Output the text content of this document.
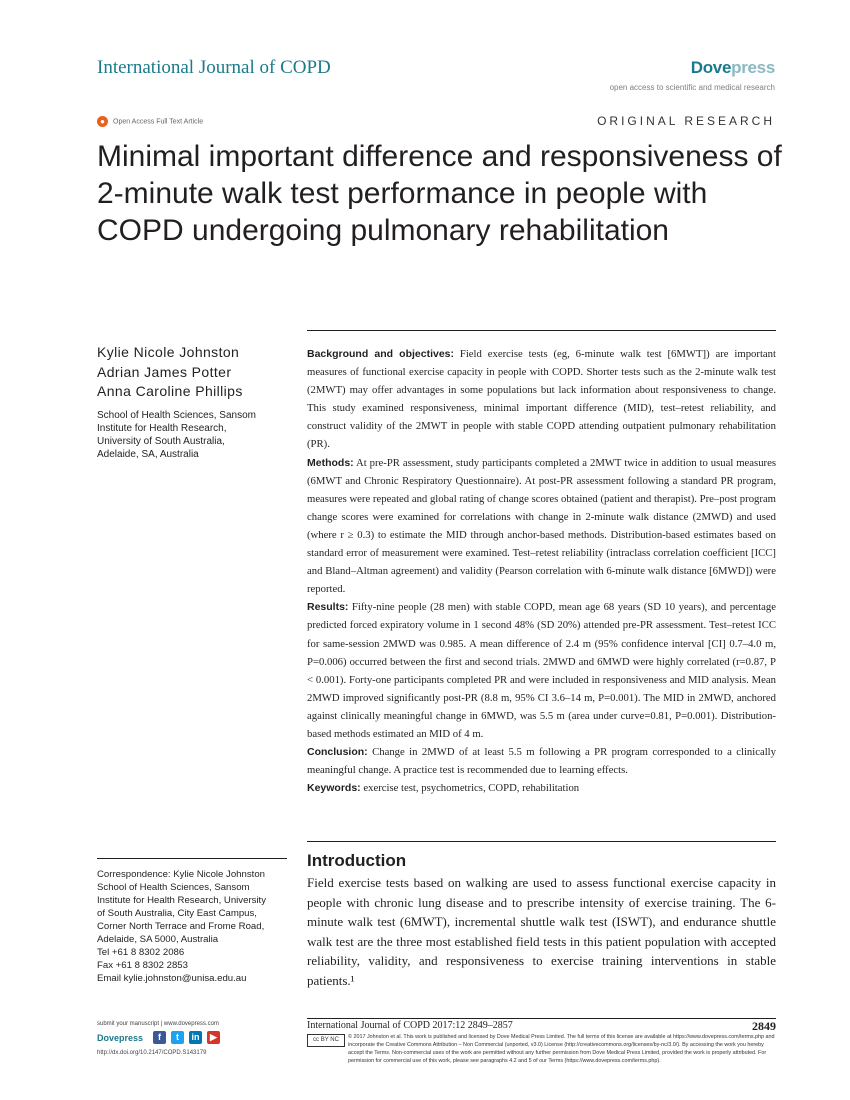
International Journal of COPD	Dovepress
open access to scientific and medical research
● Open Access Full Text Article	ORIGINAL RESEARCH
Minimal important difference and responsiveness of 2-minute walk test performance in people with COPD undergoing pulmonary rehabilitation
Kylie Nicole Johnston
Adrian James Potter
Anna Caroline Phillips
School of Health Sciences, Sansom
Institute for Health Research,
University of South Australia,
Adelaide, SA, Australia

Background and objectives: Field exercise tests (eg, 6-minute walk test [6MWT]) are important measures of functional exercise capacity in people with COPD. Shorter tests such as the 2-minute walk test (2MWT) may offer advantages in some populations but lack information about responsiveness to change. This study examined responsiveness, minimal important difference (MID), test–retest reliability, and construct validity of the 2MWT in people with stable COPD attending outpatient pulmonary rehabilitation (PR).

Methods: At pre-PR assessment, study participants completed a 2MWT twice in addition to usual measures (6MWT and Chronic Respiratory Questionnaire). At post-PR assessment following a standard PR program, measures were repeated and global rating of change scores obtained (patient and therapist). Pre–post program change scores were examined for correlations with change in 2-minute walk distance (2MWD) and used (where r ≥ 0.3) to estimate the MID through anchor-based methods. Distribution-based estimates based on standard error of measurement were examined. Test–retest reliability (intraclass correlation coefficient [ICC] and Bland–Altman agreement) and validity (Pearson correlation with 6-minute walk distance [6MWD]) were reported.

Results: Fifty-nine people (28 men) with stable COPD, mean age 68 years (SD 10 years), and percentage predicted forced expiratory volume in 1 second 48% (SD 20%) attended pre-PR assessment. Test–retest ICC for same-session 2MWD was 0.985. A mean difference of 2.4 m (95% confidence interval [CI] 0.7–4.0 m, P=0.006) occurred between the first and second trials. 2MWD and 6MWD were highly correlated (r=0.87, P < 0.001). Forty-one participants completed PR and were included in responsiveness and MID analysis. Mean 2MWD improved significantly post-PR (8.8 m, 95% CI 3.6–14 m, P=0.001). The MID in 2MWD, anchored against clinically meaningful change in 6MWD, was 5.5 m (area under curve=0.81, P=0.001). Distribution-based methods estimated an MID of 4 m.

Conclusion: Change in 2MWD of at least 5.5 m following a PR program corresponded to a clinically meaningful change. A practice test is recommended due to learning effects.

Keywords: exercise test, psychometrics, COPD, rehabilitation

Correspondence: Kylie Nicole Johnston
School of Health Sciences, Sansom
Institute for Health Research, University
of South Australia, City East Campus,
Corner North Terrace and Frome Road,
Adelaide, SA 5000, Australia
Tel +61 8 8302 2086
Fax +61 8 8302 2853
Email kylie.johnston@unisa.edu.au
Introduction
Field exercise tests based on walking are used to assess functional exercise capacity in people with chronic lung disease and to prescribe intensity of exercise training. The 6-minute walk test (6MWT), incremental shuttle walk test (ISWT), and endurance shuttle walk test are the three most established field tests in this patient population with accepted reliability, validity, and responsiveness to exercise training interventions in stable patients.¹
submit your manuscript | www.dovepress.com
Dovepress f t in ▶
http://dx.doi.org/10.2147/COPD.S143179
International Journal of COPD 2017:12 2849–2857	2849
cc BY NC	© 2017 Johnston et al. This work is published and licensed by Dove Medical Press Limited. The full terms of this license are available at https://www.dovepress.com/terms.php and incorporate the Creative Commons Attribution – Non Commercial (unported, v3.0) License (http://creativecommons.org/licenses/by-nc/3.0/). By accessing the work you hereby accept the Terms. Non-commercial uses of the work are permitted without any further permission from Dove Medical Press Limited, provided the work is properly attributed. For permission for commercial use of this work, please see paragraphs 4.2 and 5 of our Terms (https://www.dovepress.com/terms.php).
